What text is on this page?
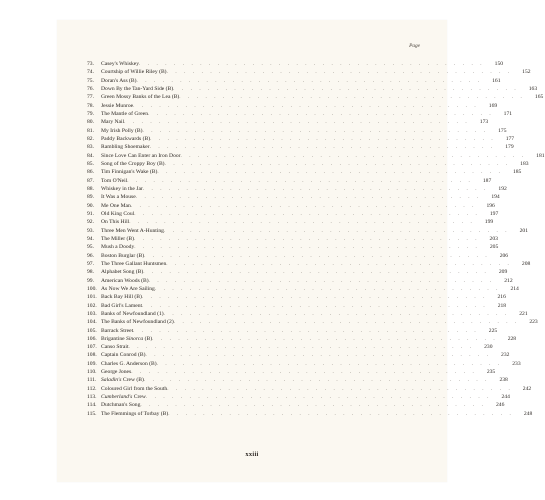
Page
73.	Casey's Whiskey ........................................	150
74.	Courtship of Willie Riley (B) ........................................	152
75.	Doran's Ass (B) ........................................	161
76.	Down By the Tan-Yard Side (B) ........................................	163
77.	Green Mossy Banks of the Lea (B) ........................................	165
78.	Jessie Munroe ........................................	169
79.	The Mantle of Green ........................................	171
80.	Mary Nail ........................................	173
81.	My Irish Polly (B) ........................................	175
82.	Paddy Backwards (B) ........................................	177
83.	Rambling Shoemaker ........................................	179
84.	Since Love Can Enter an Iron Door ........................................	181
85.	Song of the Croppy Boy (B) ........................................	183
86.	Tim Finnigan's Wake (B) ........................................	185
87.	Tom O'Neil ........................................	187
88.	Whiskey in the Jar ........................................	192
89.	It Was a Mouse ........................................	194
90.	Me One Man ........................................	196
91.	Old King Coul ........................................	197
92.	On This Hill ........................................	199
93.	Three Men Went A-Hunting ........................................	201
94.	The Miller (B) ........................................	203
95.	Mush a Doody ........................................	205
96.	Boston Burglar (B) ........................................	206
97.	The Three Gallant Huntsmen ........................................	208
98.	Alphabet Song (B) ........................................	209
99.	American Woods (B) ........................................	212
100. As Now We Are Sailing ........................................	214
101. Back Bay Hill (B) ........................................	216
102. Bad Girl's Lament ........................................	218
103. Banks of Newfoundland (1) ........................................	221
104. The Banks of Newfoundland (2) ........................................	223
105. Barrack Street ........................................	225
106. Brigantine Sinorca (B) ........................................	228
107. Canso Strait ........................................	230
108. Captain Conrod (B) ........................................	232
109. Charles G. Anderson (B) ........................................	233
110. George Jones ........................................	235
111. Saladin's Crew (B) ........................................	238
112. Coloured Girl from the South ........................................	242
113. Cumberland's Crew ........................................	244
114. Dutchman's Song ........................................	246
115. The Flemmings of Torbay (B) ........................................	248
xxiii
